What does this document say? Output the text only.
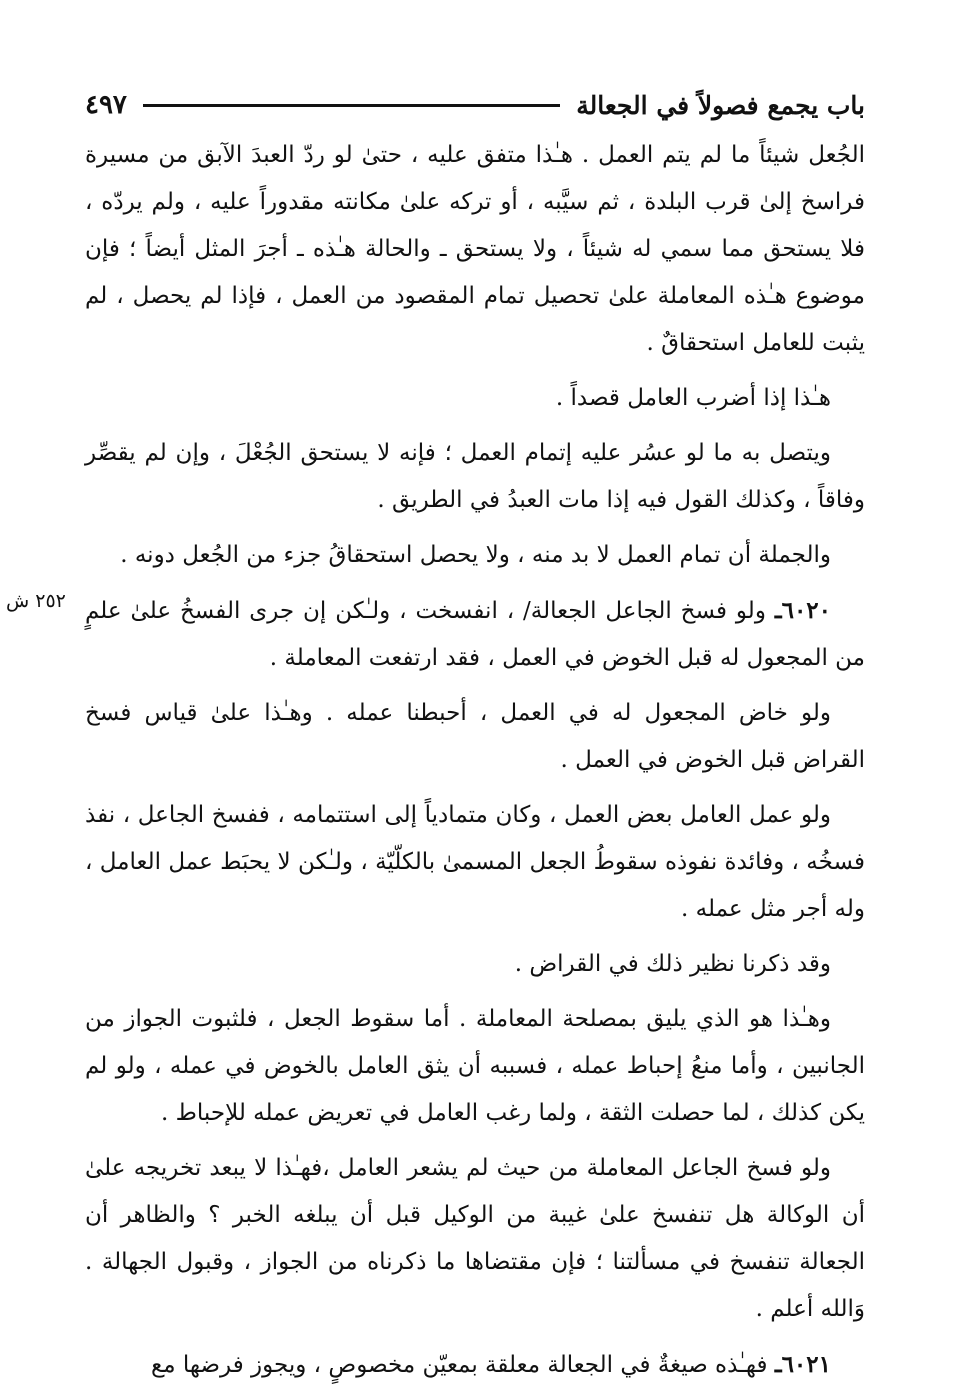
باب يجمع فصولاً في الجعالة
٤٩٧

الجُعل شيئاً ما لم يتم العمل . هـٰذا متفق عليه ، حتىٰ لو ردّ العبدَ الآبق من مسيرة فراسخ إلىٰ قرب البلدة ، ثم سيَّبه ، أو تركه علىٰ مكانته مقدوراً عليه ، ولم يردّه ، فلا يستحق مما سمي له شيئاً ، ولا يستحق ـ والحالة هـٰذه ـ أجرَ المثل أيضاً ؛ فإن موضوع هـٰذه المعاملة علىٰ تحصيل تمام المقصود من العمل ، فإذا لم يحصل ، لم يثبت للعامل استحقاقٌ .

هـٰذا إذا أضرب العامل قصداً .

ويتصل به ما لو عسُر عليه إتمام العمل ؛ فإنه لا يستحق الجُعْلَ ، وإن لم يقصِّر وفاقاً ، وكذلك القول فيه إذا مات العبدُ في الطريق .

والجملة أن تمام العمل لا بد منه ، ولا يحصل استحقاقُ جزء من الجُعل دونه .

٦٠٢٠ـ ولو فسخ الجاعل الجعالة/ ، انفسخت ، ولـٰكن إن جرى الفسخُ علىٰ علمٍ من المجعول له قبل الخوض في العمل ، فقد ارتفعت المعاملة .

ولو خاض المجعول له في العمل ، أحبطنا عمله . وهـٰذا علىٰ قياس فسخ القراض قبل الخوض في العمل .

ولو عمل العامل بعض العمل ، وكان متمادياً إلى استتمامه ، ففسخ الجاعل ، نفذ فسخُه ، وفائدة نفوذه سقوطُ الجعل المسمىٰ بالكلّيّة ، ولـٰكن لا يحبَط عمل العامل ، وله أجر مثل عمله .

وقد ذكرنا نظير ذلك في القراض .

وهـٰذا هو الذي يليق بمصلحة المعاملة . أما سقوط الجعل ، فلثبوت الجواز من الجانبين ، وأما منعُ إحباط عمله ، فسببه أن يثق العامل بالخوض في عمله ، ولو لم يكن كذلك ، لما حصلت الثقة ، ولما رغب العامل في تعريض عمله للإحباط .

ولو فسخ الجاعل المعاملة من حيث لم يشعر العامل ،فهـٰذا لا يبعد تخريجه علىٰ أن الوكالة هل تنفسخ علىٰ غيبة من الوكيل قبل أن يبلغه الخبر ؟ والظاهر أن الجعالة تنفسخ في مسألتنا ؛ فإن مقتضاها ما ذكرناه من الجواز ، وقبول الجهالة . وَالله أعلم .

٦٠٢١ـ فهـٰذه صيغةٌ في الجعالة معلقة بمعيّن مخصوصٍ ، ويجوز فرضها مع

٢٥٢ ش
